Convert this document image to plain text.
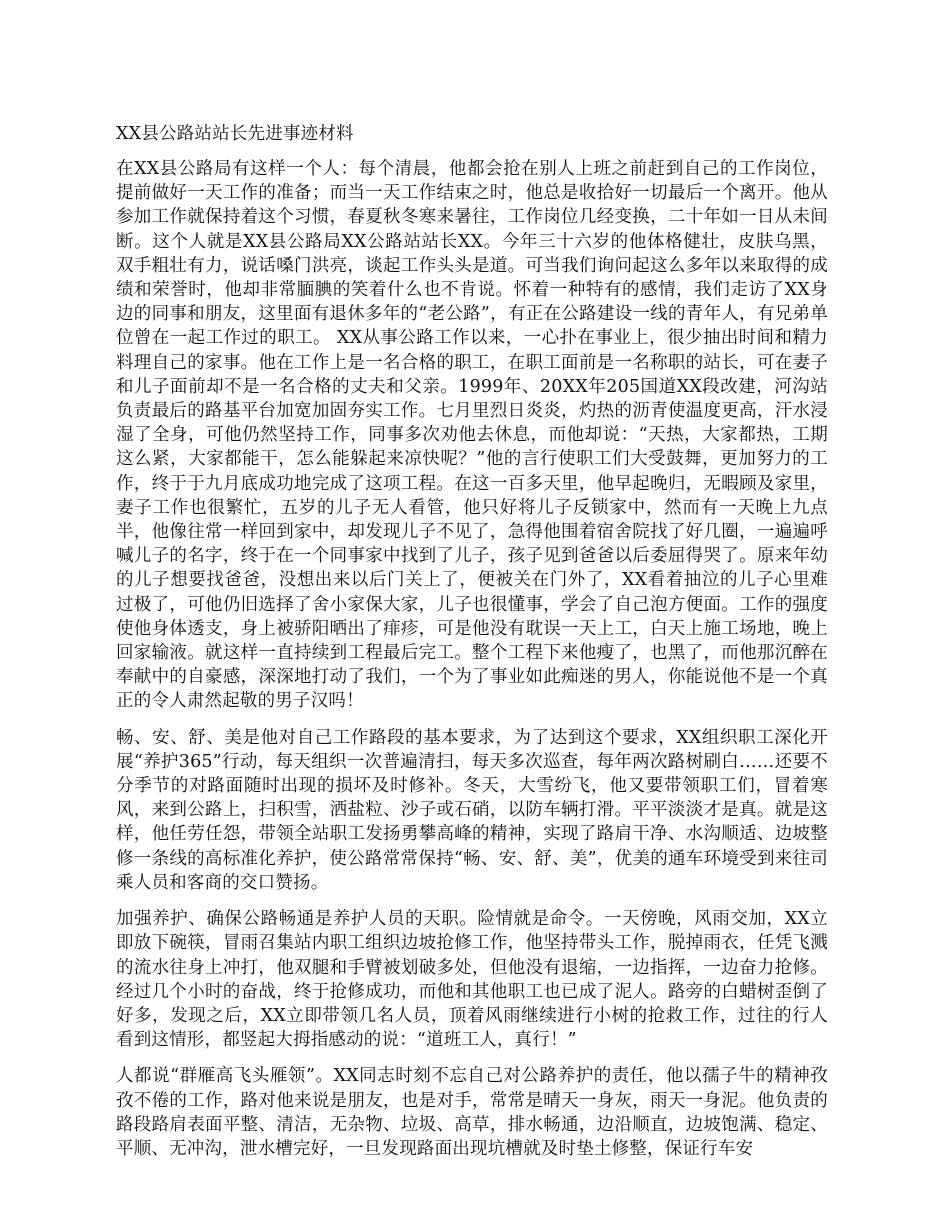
XX县公路站站长先进事迹材料

在XX县公路局有这样一个人：每个清晨，他都会抢在别人上班之前赶到自己的工作岗位，提前做好一天工作的准备；而当一天工作结束之时，他总是收拾好一切最后一个离开。他从参加工作就保持着这个习惯，春夏秋冬寒来暑往，工作岗位几经变换，二十年如一日从未间断。这个人就是XX县公路局XX公路站站长XX。今年三十六岁的他体格健壮，皮肤乌黑，双手粗壮有力，说话嗓门洪亮，谈起工作头头是道。可当我们询问起这么多年以来取得的成绩和荣誉时，他却非常腼腆的笑着什么也不肯说。怀着一种特有的感情，我们走访了XX身边的同事和朋友，这里面有退休多年的“老公路”，有正在公路建设一线的青年人，有兄弟单位曾在一起工作过的职工。 XX从事公路工作以来，一心扑在事业上，很少抽出时间和精力料理自己的家事。他在工作上是一名合格的职工，在职工面前是一名称职的站长，可在妻子和儿子面前却不是一名合格的丈夫和父亲。1999年、20XX年205国道XX段改建，河沟站负责最后的路基平台加宽加固夯实工作。七月里烈日炎炎，灼热的沥青使温度更高，汗水浸湿了全身，可他仍然坚持工作，同事多次劝他去休息，而他却说：“天热，大家都热，工期这么紧，大家都能干，怎么能躲起来凉快呢？”他的言行使职工们大受鼓舞，更加努力的工作，终于于九月底成功地完成了这项工程。在这一百多天里，他早起晚归，无暇顾及家里，妻子工作也很繁忙，五岁的儿子无人看管，他只好将儿子反锁家中，然而有一天晚上九点半，他像往常一样回到家中，却发现儿子不见了，急得他围着宿舍院找了好几圈，一遍遍呼喊儿子的名字，终于在一个同事家中找到了儿子，孩子见到爸爸以后委屈得哭了。原来年幼的儿子想要找爸爸，没想出来以后门关上了，便被关在门外了，XX看着抽泣的儿子心里难过极了，可他仍旧选择了舍小家保大家，儿子也很懂事，学会了自己泡方便面。工作的强度使他身体透支，身上被骄阳晒出了痱疹，可是他没有耽误一天上工，白天上施工场地，晚上回家输液。就这样一直持续到工程最后完工。整个工程下来他瘦了，也黑了，而他那沉醉在奉献中的自豪感，深深地打动了我们，一个为了事业如此痴迷的男人，你能说他不是一个真正的令人肃然起敬的男子汉吗！

畅、安、舒、美是他对自己工作路段的基本要求，为了达到这个要求，XX组织职工深化开展“养护365”行动，每天组织一次普遍清扫，每天多次巡查，每年两次路树刷白……还要不分季节的对路面随时出现的损坏及时修补。冬天，大雪纷飞，他又要带领职工们，冒着寒风，来到公路上，扫积雪，洒盐粒、沙子或石硝，以防车辆打滑。平平淡淡才是真。就是这样，他任劳任怨，带领全站职工发扬勇攀高峰的精神，实现了路肩干净、水沟顺适、边坡整修一条线的高标准化养护，使公路常常保持“畅、安、舒、美”，优美的通车环境受到来往司乘人员和客商的交口赞扬。

加强养护、确保公路畅通是养护人员的天职。险情就是命令。一天傍晚，风雨交加，XX立即放下碗筷，冒雨召集站内职工组织边坡抢修工作，他坚持带头工作，脱掉雨衣，任凭飞溅的流水往身上冲打，他双腿和手臂被划破多处，但他没有退缩，一边指挥，一边奋力抢修。经过几个小时的奋战，终于抢修成功，而他和其他职工也已成了泥人。路旁的白蜡树歪倒了好多，发现之后，XX立即带领几名人员，顶着风雨继续进行小树的抢救工作，过往的行人看到这情形，都竖起大拇指感动的说：“道班工人，真行！”

人都说“群雁高飞头雁领”。XX同志时刻不忘自己对公路养护的责任，他以孺子牛的精神孜孜不倦的工作，路对他来说是朋友，也是对手，常常是晴天一身灰，雨天一身泥。他负责的路段路肩表面平整、清洁，无杂物、垃圾、高草，排水畅通，边沿顺直，边坡饱满、稳定、平顺、无冲沟，泄水槽完好，一旦发现路面出现坑槽就及时垫土修整，保证行车安
